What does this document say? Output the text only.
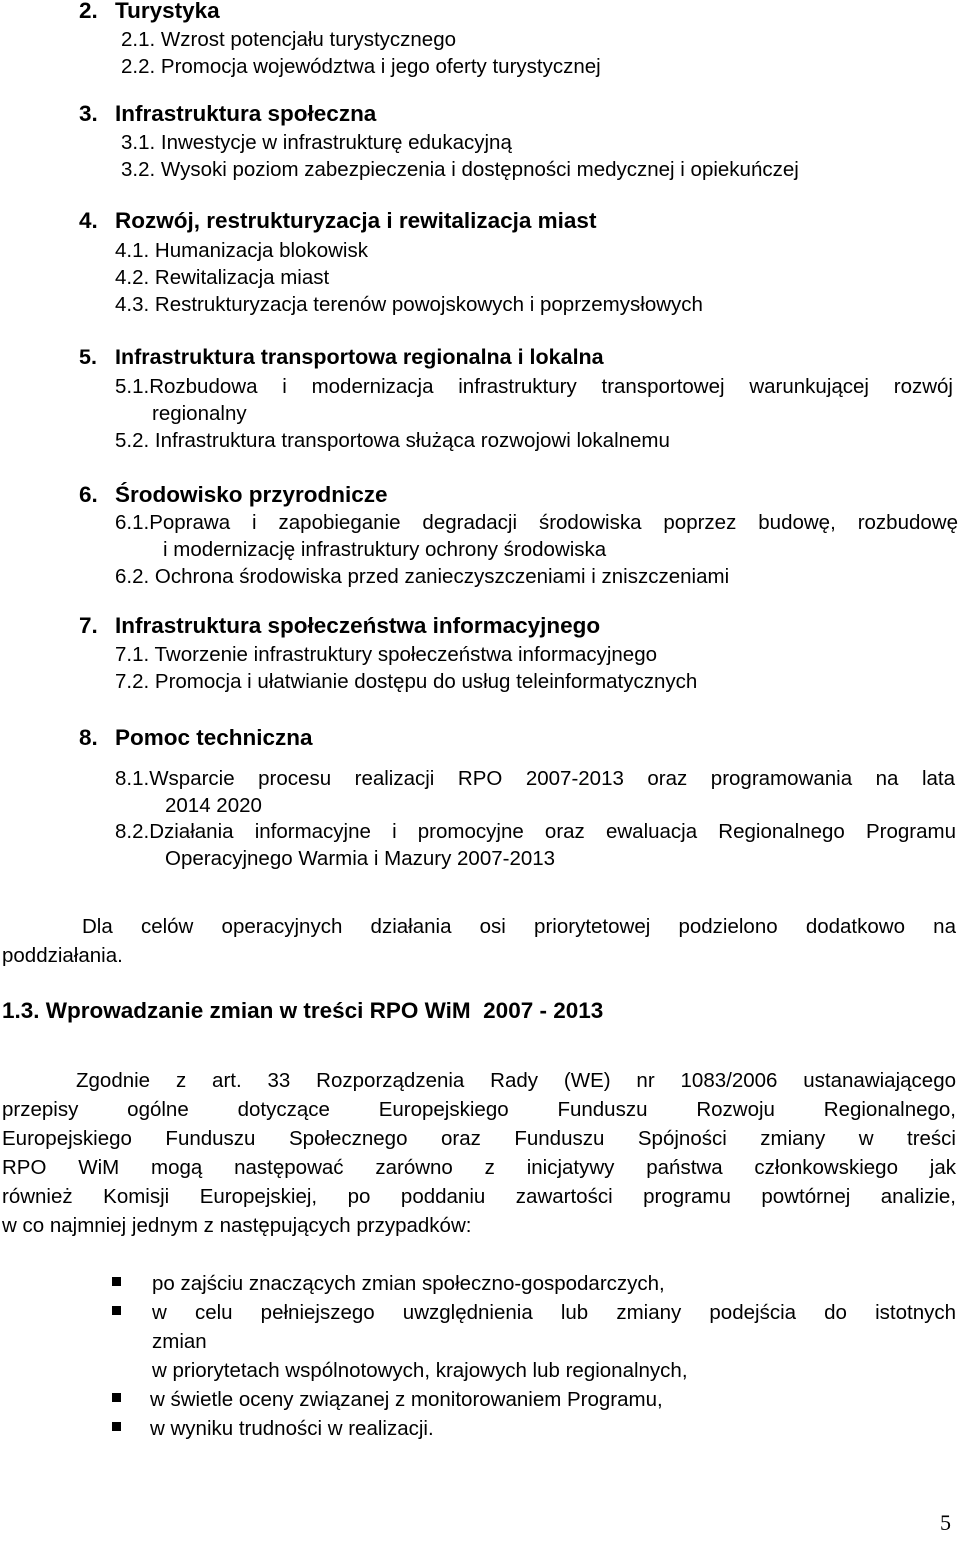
2. Turystyka
2.1. Wzrost potencjału turystycznego
2.2. Promocja województwa i jego oferty turystycznej
3. Infrastruktura społeczna
3.1. Inwestycje w infrastrukturę edukacyjną
3.2. Wysoki poziom zabezpieczenia i dostępności medycznej i opiekuńczej
4. Rozwój, restrukturyzacja i rewitalizacja miast
4.1. Humanizacja blokowisk
4.2. Rewitalizacja miast
4.3. Restrukturyzacja terenów powojskowych i poprzemysłowych
5. Infrastruktura transportowa regionalna i lokalna
5.1.Rozbudowa i modernizacja infrastruktury transportowej warunkującej rozwój
regionalny
5.2. Infrastruktura transportowa służąca rozwojowi lokalnemu
6. Środowisko przyrodnicze
6.1.Poprawa i zapobieganie degradacji środowiska poprzez budowę, rozbudowę
i modernizację infrastruktury ochrony środowiska
6.2. Ochrona środowiska przed zanieczyszczeniami i zniszczeniami
7. Infrastruktura społeczeństwa informacyjnego
7.1. Tworzenie infrastruktury społeczeństwa informacyjnego
7.2. Promocja i ułatwianie dostępu do usług teleinformatycznych
8. Pomoc techniczna
8.1.Wsparcie procesu realizacji RPO 2007-2013 oraz programowania na lata
2014 2020
8.2.Działania informacyjne i promocyjne oraz ewaluacja Regionalnego Programu
Operacyjnego Warmia i Mazury 2007-2013
Dla celów operacyjnych działania osi priorytetowej podzielono dodatkowo na
poddziałania.
1.3. Wprowadzanie zmian w treści RPO WiM  2007 - 2013
Zgodnie z art. 33 Rozporządzenia Rady (WE) nr 1083/2006 ustanawiającego
przepisy ogólne dotyczące Europejskiego Funduszu Rozwoju Regionalnego,
Europejskiego Funduszu Społecznego oraz Funduszu Spójności zmiany w treści
RPO WiM mogą następować zarówno z inicjatywy państwa członkowskiego jak
również Komisji Europejskiej, po poddaniu zawartości programu powtórnej analizie,
w co najmniej jednym z następujących przypadków:
po zajściu znaczących zmian społeczno-gospodarczych,
w celu pełniejszego uwzględnienia lub zmiany podejścia do istotnych
zmian
w priorytetach wspólnotowych, krajowych lub regionalnych,
w świetle oceny związanej z monitorowaniem Programu,
w wyniku trudności w realizacji.
5
